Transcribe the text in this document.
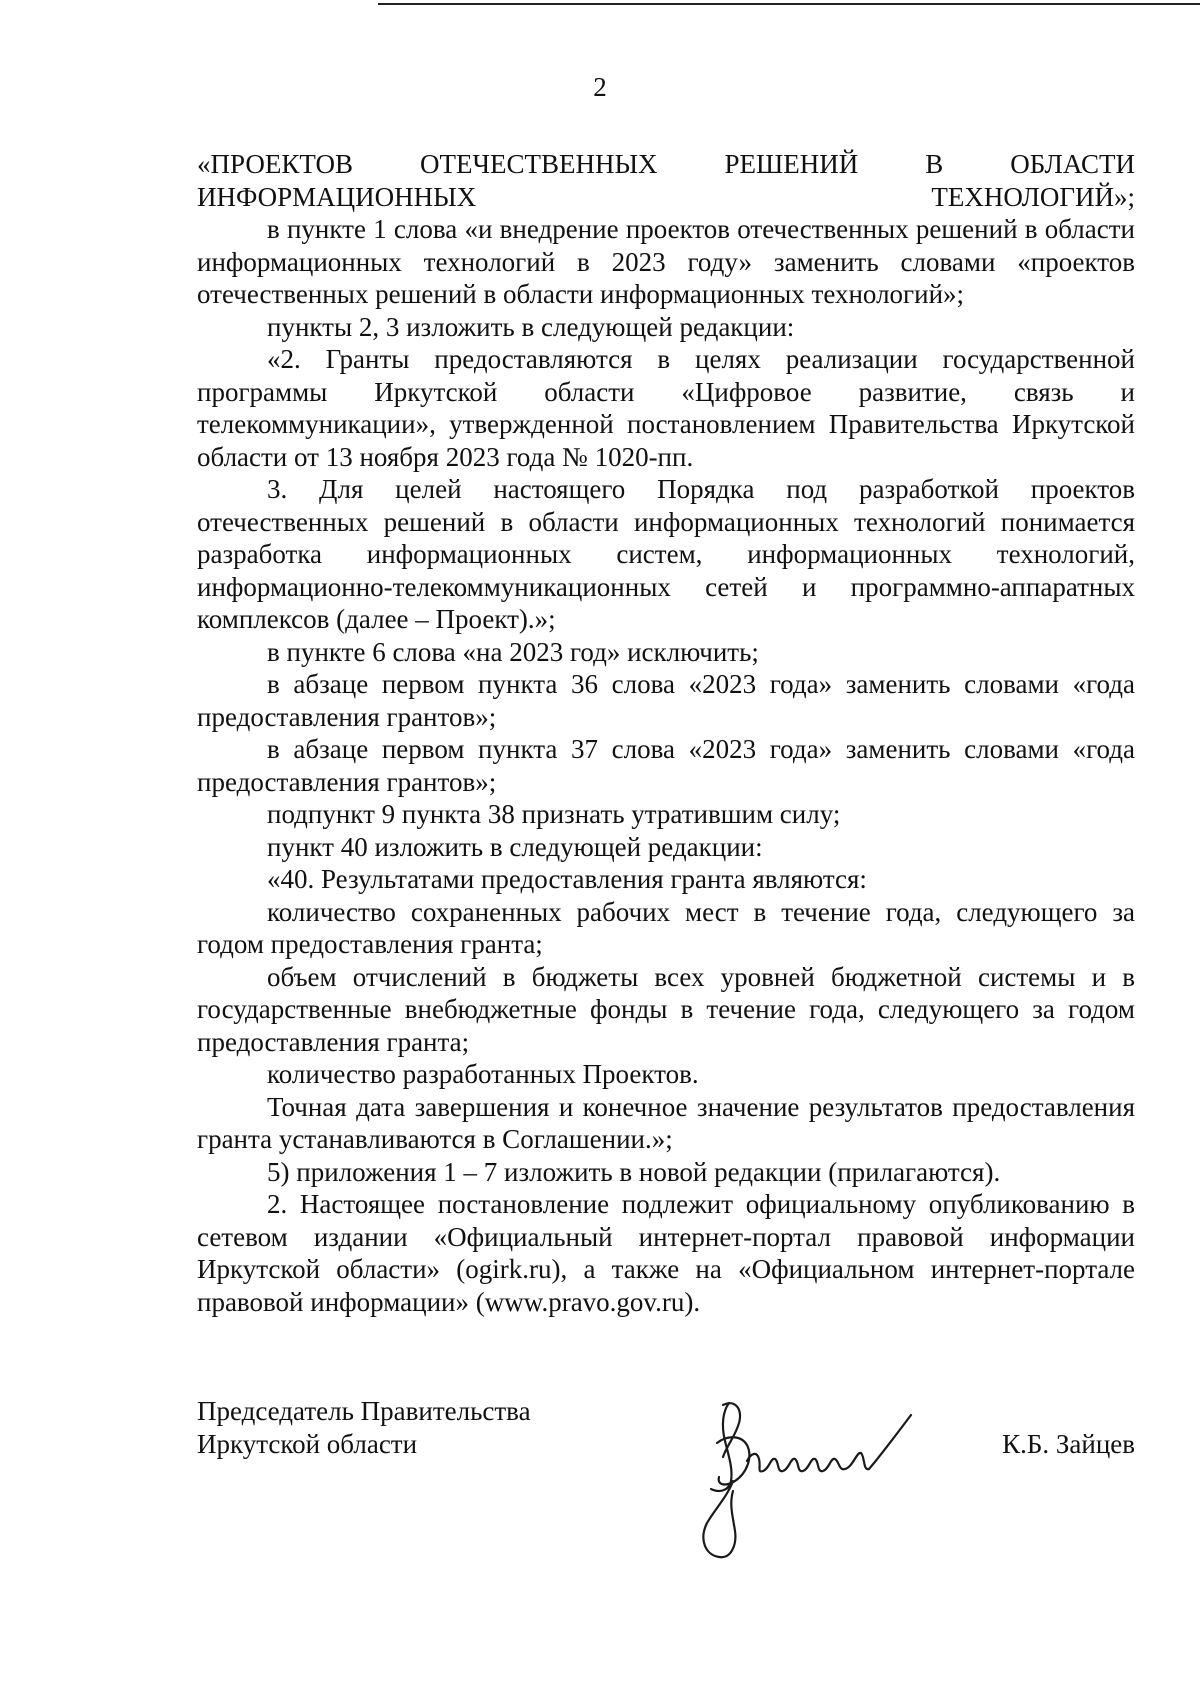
2

«ПРОЕКТОВ ОТЕЧЕСТВЕННЫХ РЕШЕНИЙ В ОБЛАСТИ ИНФОРМАЦИОННЫХ ТЕХНОЛОГИЙ»;

в пункте 1 слова «и внедрение проектов отечественных решений в области информационных технологий в 2023 году» заменить словами «проектов отечественных решений в области информационных технологий»;

пункты 2, 3 изложить в следующей редакции:

«2. Гранты предоставляются в целях реализации государственной программы Иркутской области «Цифровое развитие, связь и телекоммуникации», утвержденной постановлением Правительства Иркутской области от 13 ноября 2023 года № 1020-пп.

3. Для целей настоящего Порядка под разработкой проектов отечественных решений в области информационных технологий понимается разработка информационных систем, информационных технологий, информационно-телекоммуникационных сетей и программно-аппаратных комплексов (далее – Проект).»;

в пункте 6 слова «на 2023 год» исключить;

в абзаце первом пункта 36 слова «2023 года» заменить словами «года предоставления грантов»;

в абзаце первом пункта 37 слова «2023 года» заменить словами «года предоставления грантов»;

подпункт 9 пункта 38 признать утратившим силу;

пункт 40 изложить в следующей редакции:

«40. Результатами предоставления гранта являются:

количество сохраненных рабочих мест в течение года, следующего за годом предоставления гранта;

объем отчислений в бюджеты всех уровней бюджетной системы и в государственные внебюджетные фонды в течение года, следующего за годом предоставления гранта;

количество разработанных Проектов.

Точная дата завершения и конечное значение результатов предоставления гранта устанавливаются в Соглашении.»;

5) приложения 1 – 7 изложить в новой редакции (прилагаются).

2. Настоящее постановление подлежит официальному опубликованию в сетевом издании «Официальный интернет-портал правовой информации Иркутской области» (ogirk.ru), а также на «Официальном интернет-портале правовой информации» (www.pravo.gov.ru).

Председатель Правительства
Иркутской области	К.Б. Зайцев
